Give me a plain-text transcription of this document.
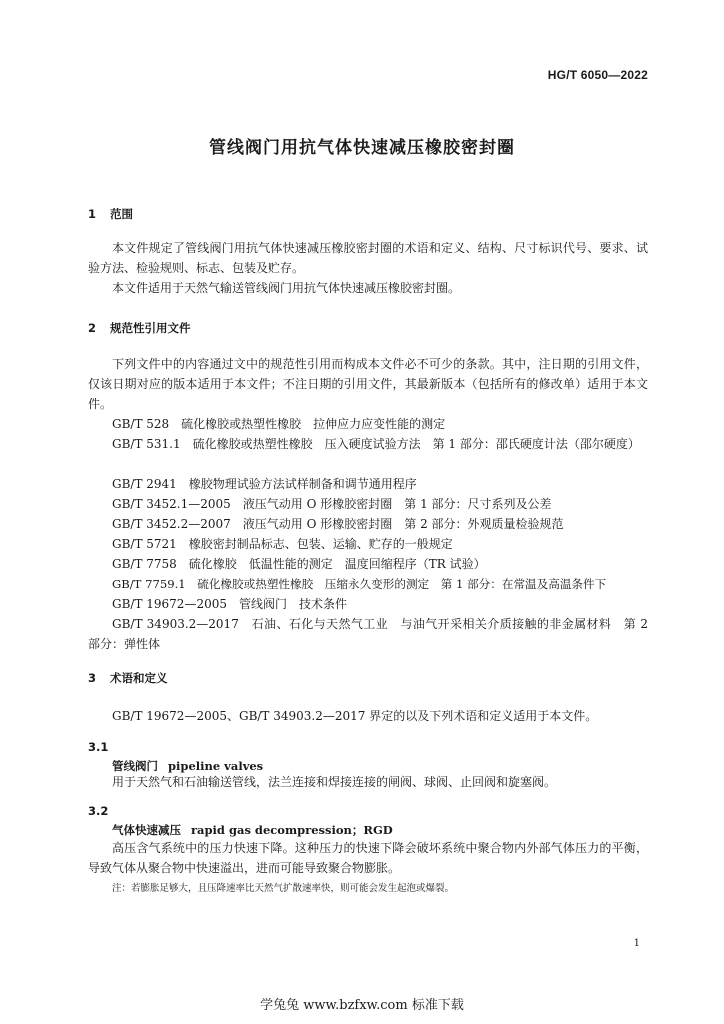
HG/T 6050—2022
管线阀门用抗气体快速减压橡胶密封圈
1 范围
本文件规定了管线阀门用抗气体快速减压橡胶密封圈的术语和定义、结构、尺寸标识代号、要求、试验方法、检验规则、标志、包装及贮存。
本文件适用于天然气输送管线阀门用抗气体快速减压橡胶密封圈。
2 规范性引用文件
下列文件中的内容通过文中的规范性引用而构成本文件必不可少的条款。其中，注日期的引用文件，仅该日期对应的版本适用于本文件；不注日期的引用文件，其最新版本（包括所有的修改单）适用于本文件。
GB/T 528　硫化橡胶或热塑性橡胶　拉伸应力应变性能的测定
GB/T 531.1　硫化橡胶或热塑性橡胶　压入硬度试验方法　第 1 部分：邵氏硬度计法（邵尔硬度）
GB/T 2941　橡胶物理试验方法试样制备和调节通用程序
GB/T 3452.1—2005　液压气动用 O 形橡胶密封圈　第 1 部分：尺寸系列及公差
GB/T 3452.2—2007　液压气动用 O 形橡胶密封圈　第 2 部分：外观质量检验规范
GB/T 5721　橡胶密封制品标志、包装、运输、贮存的一般规定
GB/T 7758　硫化橡胶　低温性能的测定　温度回缩程序（TR 试验）
GB/T 7759.1　硫化橡胶或热塑性橡胶　压缩永久变形的测定　第 1 部分：在常温及高温条件下
GB/T 19672—2005　管线阀门　技术条件
GB/T 34903.2—2017　石油、石化与天然气工业　与油气开采相关介质接触的非金属材料　第 2 部分：弹性体
3 术语和定义
GB/T 19672—2005、GB/T 34903.2—2017 界定的以及下列术语和定义适用于本文件。
3.1
管线阀门 pipeline valves
用于天然气和石油输送管线，法兰连接和焊接连接的闸阀、球阀、止回阀和旋塞阀。
3.2
气体快速减压 rapid gas decompression；RGD
高压含气系统中的压力快速下降。这种压力的快速下降会破坏系统中聚合物内外部气体压力的平衡，导致气体从聚合物中快速溢出，进而可能导致聚合物膨胀。
注：若膨胀足够大，且压降速率比天然气扩散速率快，则可能会发生起泡或爆裂。
1
学兔兔 www.bzfxw.com 标准下载
